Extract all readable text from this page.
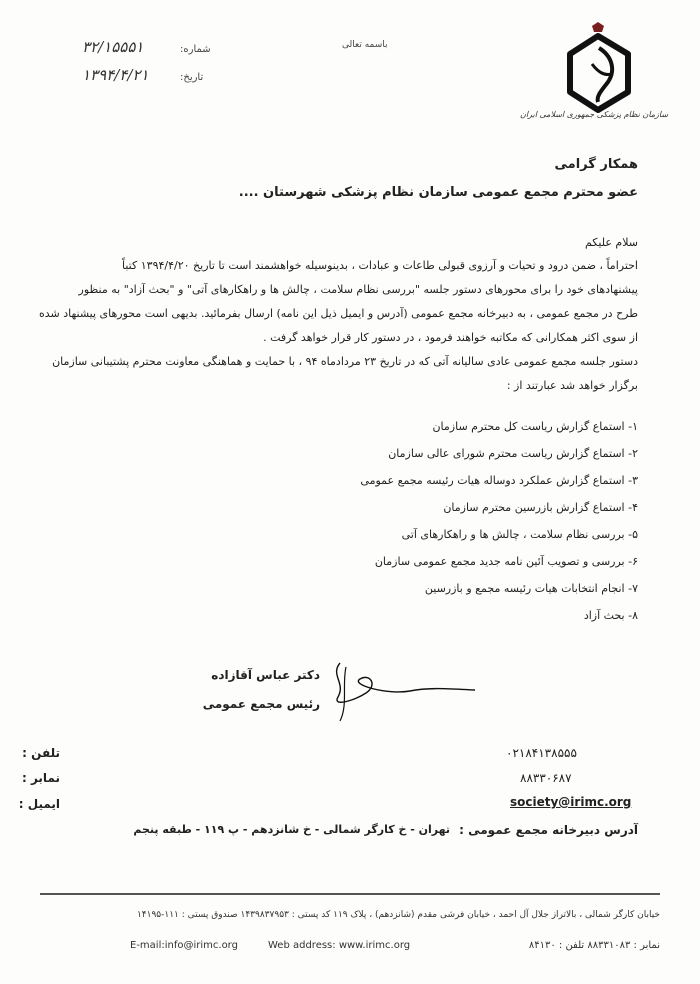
شماره:
۳۲/۱۵۵۵۱
تاریخ:
۱۳۹۴/۴/۲۱
باسمه تعالی
سازمان نظام پزشکی جمهوری اسلامی ایران
همکار گرامی
عضو محترم مجمع عمومی سازمان نظام پزشکی شهرستان ....
سلام علیکم
احتراماً ، ضمن درود و تحیات و آرزوی قبولی طاعات و عبادات ، بدینوسیله خواهشمند است تا تاریخ ۱۳۹۴/۴/۲۰ کتباً
پیشنهادهای خود را برای محورهای دستور جلسه "بررسی نظام سلامت ، چالش ها و راهکارهای آتی" و "بحث آزاد" به منظور
طرح در مجمع عمومی ، به دبیرخانه مجمع عمومی (آدرس و ایمیل ذیل این نامه) ارسال بفرمائید. بدیهی است محورهای پیشنهاد شده
از سوی اکثر همکارانی که مکاتبه خواهند فرمود ، در دستور کار قرار خواهد گرفت .
دستور جلسه مجمع عمومی عادی سالیانه آتی که در تاریخ ۲۳ مردادماه ۹۴ ، با حمایت و هماهنگی معاونت محترم پشتیبانی سازمان
برگزار خواهد شد عبارتند از :
۱- استماع گزارش ریاست کل محترم سازمان
۲- استماع گزارش ریاست محترم شورای عالی سازمان
۳- استماع گزارش عملکرد دوساله هیات رئیسه مجمع عمومی
۴- استماع گزارش بازرسین محترم سازمان
۵- بررسی نظام سلامت ، چالش ها و راهکارهای آتی
۶- بررسی و تصویب آئین نامه جدید مجمع عمومی سازمان
۷- انجام انتخابات هیات رئیسه مجمع و بازرسین
۸- بحث آزاد
دکتر عباس آقازاده
رئیس مجمع عمومی
تلفن :	۰۲۱۸۴۱۳۸۵۵۵
نمابر :	۸۸۳۳۰۶۸۷
ایمیل :	society@irimc.org
آدرس دبیرخانه مجمع عمومی :
تهران - خ کارگر شمالی - خ شانزدهم - پ ۱۱۹ - طبقه پنجم
خیابان کارگر شمالی ، بالاتراز جلال آل احمد ، خیابان فرشی مقدم (شانزدهم) ، پلاک ۱۱۹ کد پستی : ۱۴۳۹۸۳۷۹۵۳ صندوق پستی : ۱۱۱-۱۴۱۹۵
E-mail:info@irimc.org	Web address: www.irimc.org	نمابر : ۸۸۳۳۱۰۸۳ تلفن : ۸۴۱۳۰
